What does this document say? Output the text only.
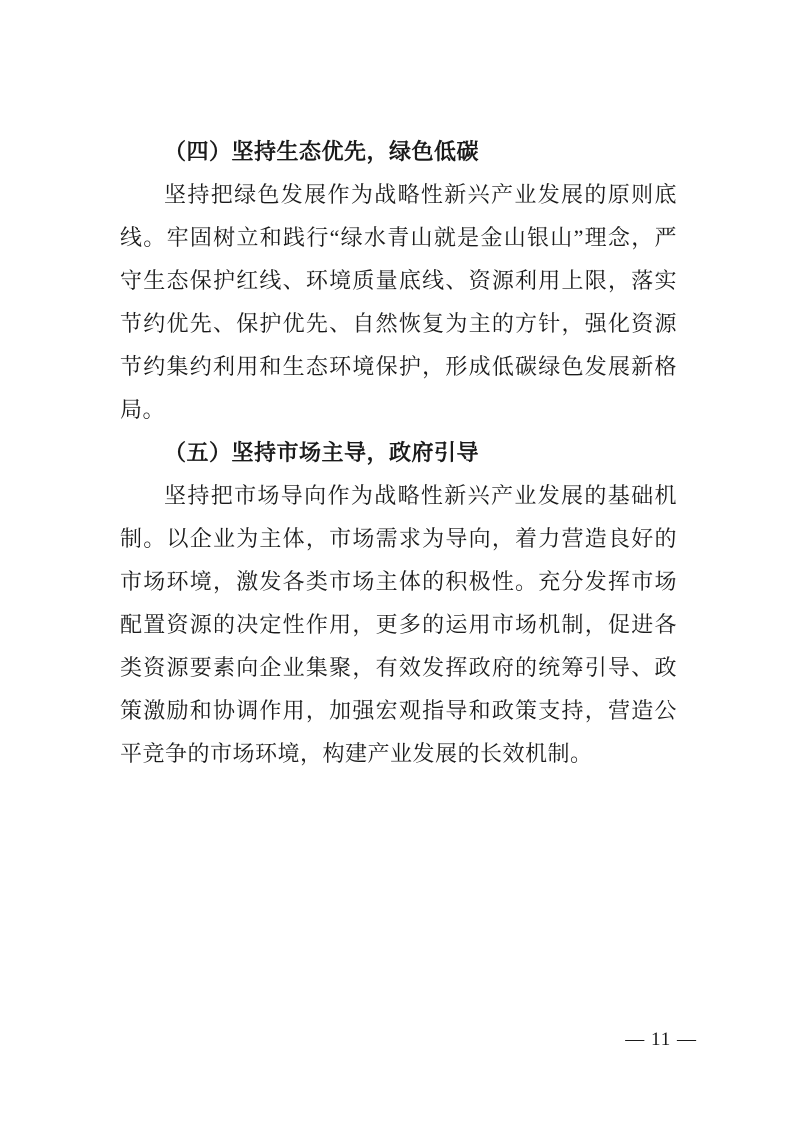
（四）坚持生态优先，绿色低碳

坚持把绿色发展作为战略性新兴产业发展的原则底线。牢固树立和践行“绿水青山就是金山银山”理念，严守生态保护红线、环境质量底线、资源利用上限，落实节约优先、保护优先、自然恢复为主的方针，强化资源节约集约利用和生态环境保护，形成低碳绿色发展新格局。

（五）坚持市场主导，政府引导

坚持把市场导向作为战略性新兴产业发展的基础机制。以企业为主体，市场需求为导向，着力营造良好的市场环境，激发各类市场主体的积极性。充分发挥市场配置资源的决定性作用，更多的运用市场机制，促进各类资源要素向企业集聚，有效发挥政府的统筹引导、政策激励和协调作用，加强宏观指导和政策支持，营造公平竞争的市场环境，构建产业发展的长效机制。

— 11 —
